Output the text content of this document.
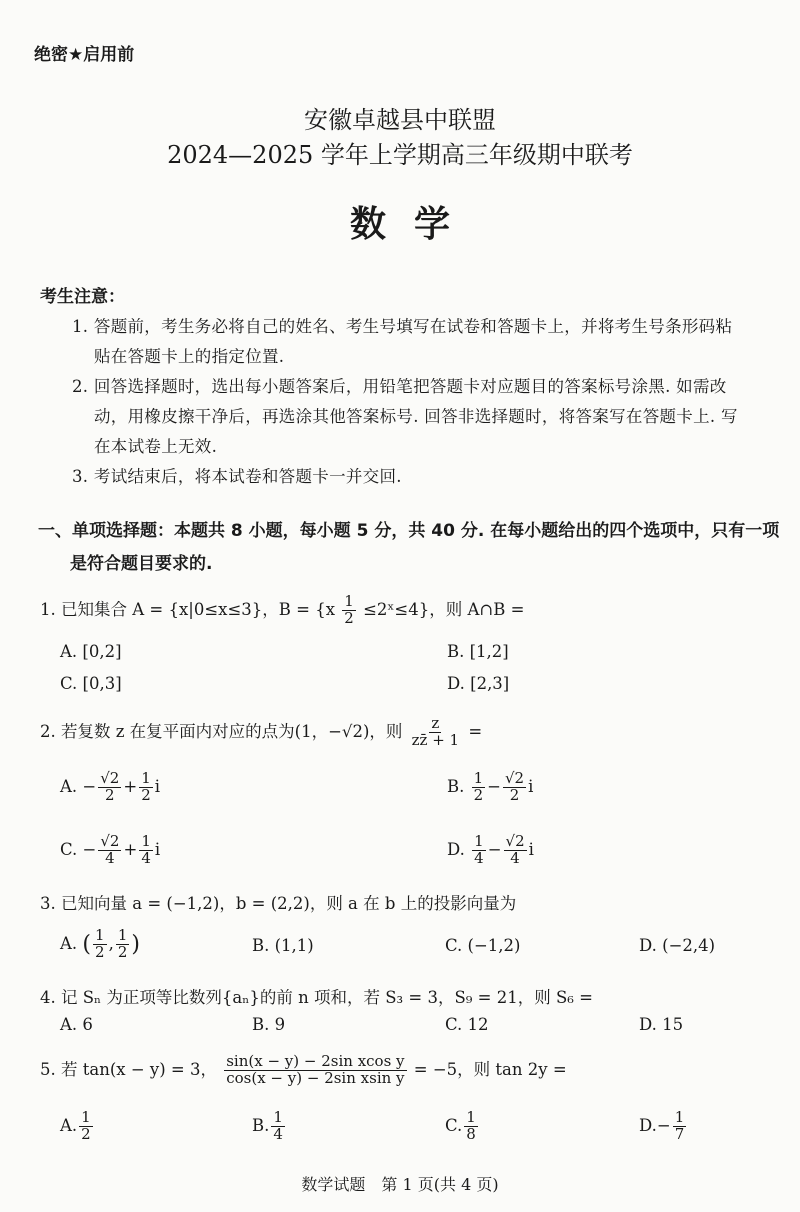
绝密★启用前
安徽卓越县中联盟
2024—2025 学年上学期高三年级期中联考
数学
考生注意：
1. 答题前，考生务必将自己的姓名、考生号填写在试卷和答题卡上，并将考生号条形码粘
贴在答题卡上的指定位置.
2. 回答选择题时，选出每小题答案后，用铅笔把答题卡对应题目的答案标号涂黑. 如需改
动，用橡皮擦干净后，再选涂其他答案标号. 回答非选择题时，将答案写在答题卡上. 写
在本试卷上无效.
3. 考试结束后，将本试卷和答题卡一并交回.
一、单项选择题：本题共 8 小题，每小题 5 分，共 40 分. 在每小题给出的四个选项中，只有一项
是符合题目要求的.
1. 已知集合 A = {x|0≤x≤3}，$B = \{x \frac{1}{2}$ ≤2ˣ≤4}，则 A∩B =
A. [0,2]	B. [1,2]
C. [0,3]	D. [2,3]
2. 若复数 z 在复平面内对应的点为(1，−√2)，则 $\frac{z}{zz̄ + 1}$ =
A. − $\frac{√2}{2} + \frac{1}{2}$ i	B. $\frac{1}{2} - \frac{√2}{2}$ i
C. − $\frac{√2}{4} + \frac{1}{4}$ i	D. $\frac{1}{4} - \frac{√2}{4}$ i
3. 已知向量 a = (−1,2)，b = (2,2)，则 a 在 b 上的投影向量为
A. ( $\frac{1}{2}$ , $\frac{1}{2}$ )	B. (1,1)	C. (−1,2)	D. (−2,4)
4. 记 Sₙ 为正项等比数列{aₙ}的前 n 项和，若 S₃ = 3，S₉ = 21，则 S₆ =
A. 6	B. 9	C. 12	D. 15
5. 若 tan(x − y) = 3， $\frac{\text{sin(x − y) − 2sin xcos y}}{\text{cos(x − y) − 2sin xsin y}} = -5$，则 tan 2y =
A. $\frac{1}{2}$	B. $\frac{1}{4}$	C. $\frac{1}{8}$	$D.- \frac{1}{7}$
数学试题　第 1 页(共 4 页)
